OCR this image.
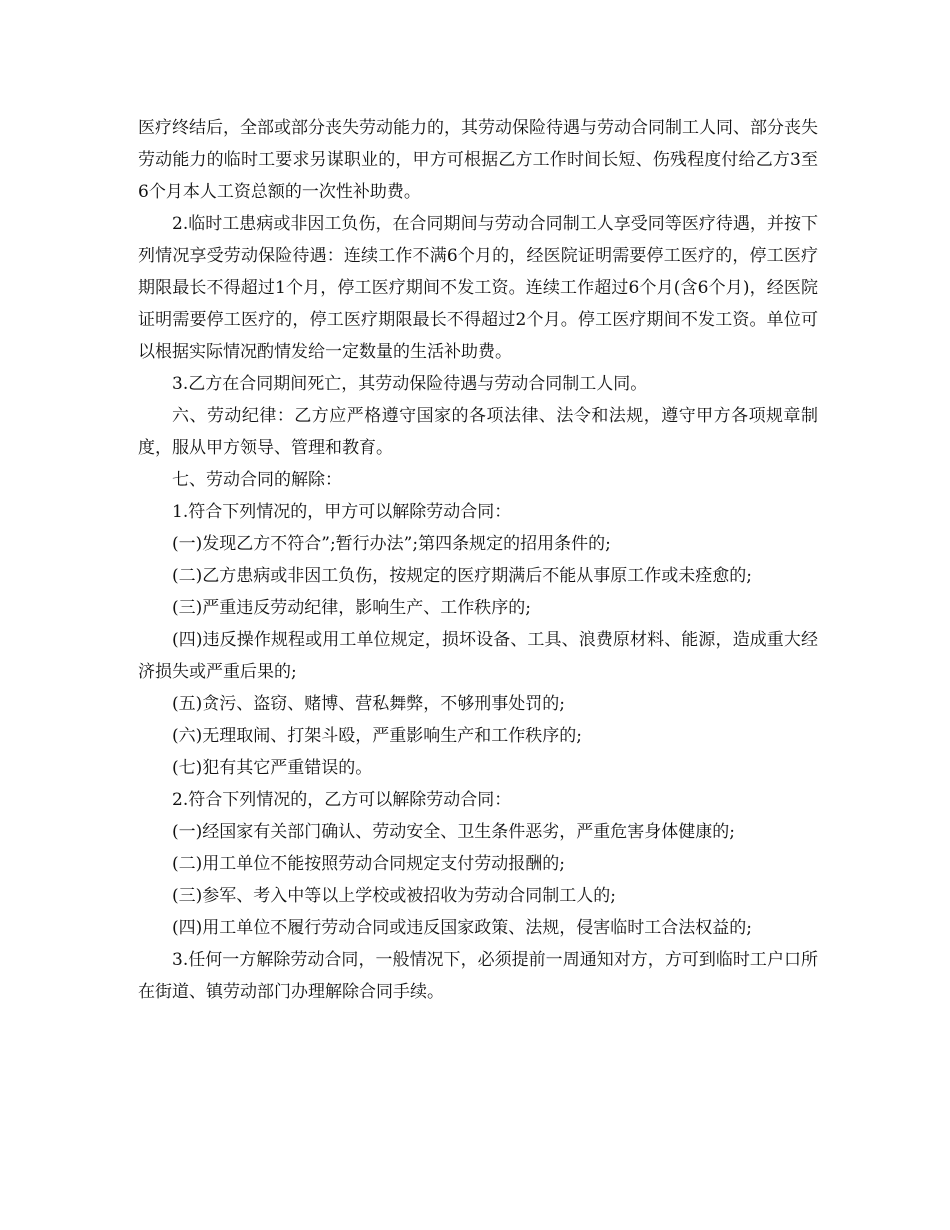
医疗终结后，全部或部分丧失劳动能力的，其劳动保险待遇与劳动合同制工人同、部分丧失劳动能力的临时工要求另谋职业的，甲方可根据乙方工作时间长短、伤残程度付给乙方3至6个月本人工资总额的一次性补助费。

2.临时工患病或非因工负伤，在合同期间与劳动合同制工人享受同等医疗待遇，并按下列情况享受劳动保险待遇：连续工作不满6个月的，经医院证明需要停工医疗的，停工医疗期限最长不得超过1个月，停工医疗期间不发工资。连续工作超过6个月(含6个月)，经医院证明需要停工医疗的，停工医疗期限最长不得超过2个月。停工医疗期间不发工资。单位可以根据实际情况酌情发给一定数量的生活补助费。

3.乙方在合同期间死亡，其劳动保险待遇与劳动合同制工人同。

六、劳动纪律：乙方应严格遵守国家的各项法律、法令和法规，遵守甲方各项规章制度，服从甲方领导、管理和教育。

七、劳动合同的解除：

1.符合下列情况的，甲方可以解除劳动合同：

(一)发现乙方不符合”;暂行办法”;第四条规定的招用条件的;

(二)乙方患病或非因工负伤，按规定的医疗期满后不能从事原工作或未痊愈的;

(三)严重违反劳动纪律，影响生产、工作秩序的;

(四)违反操作规程或用工单位规定，损坏设备、工具、浪费原材料、能源，造成重大经济损失或严重后果的;

(五)贪污、盗窃、赌博、营私舞弊，不够刑事处罚的;

(六)无理取闹、打架斗殴，严重影响生产和工作秩序的;

(七)犯有其它严重错误的。

2.符合下列情况的，乙方可以解除劳动合同：

(一)经国家有关部门确认、劳动安全、卫生条件恶劣，严重危害身体健康的;

(二)用工单位不能按照劳动合同规定支付劳动报酬的;

(三)参军、考入中等以上学校或被招收为劳动合同制工人的;

(四)用工单位不履行劳动合同或违反国家政策、法规，侵害临时工合法权益的;

3.任何一方解除劳动合同，一般情况下，必须提前一周通知对方，方可到临时工户口所在街道、镇劳动部门办理解除合同手续。
